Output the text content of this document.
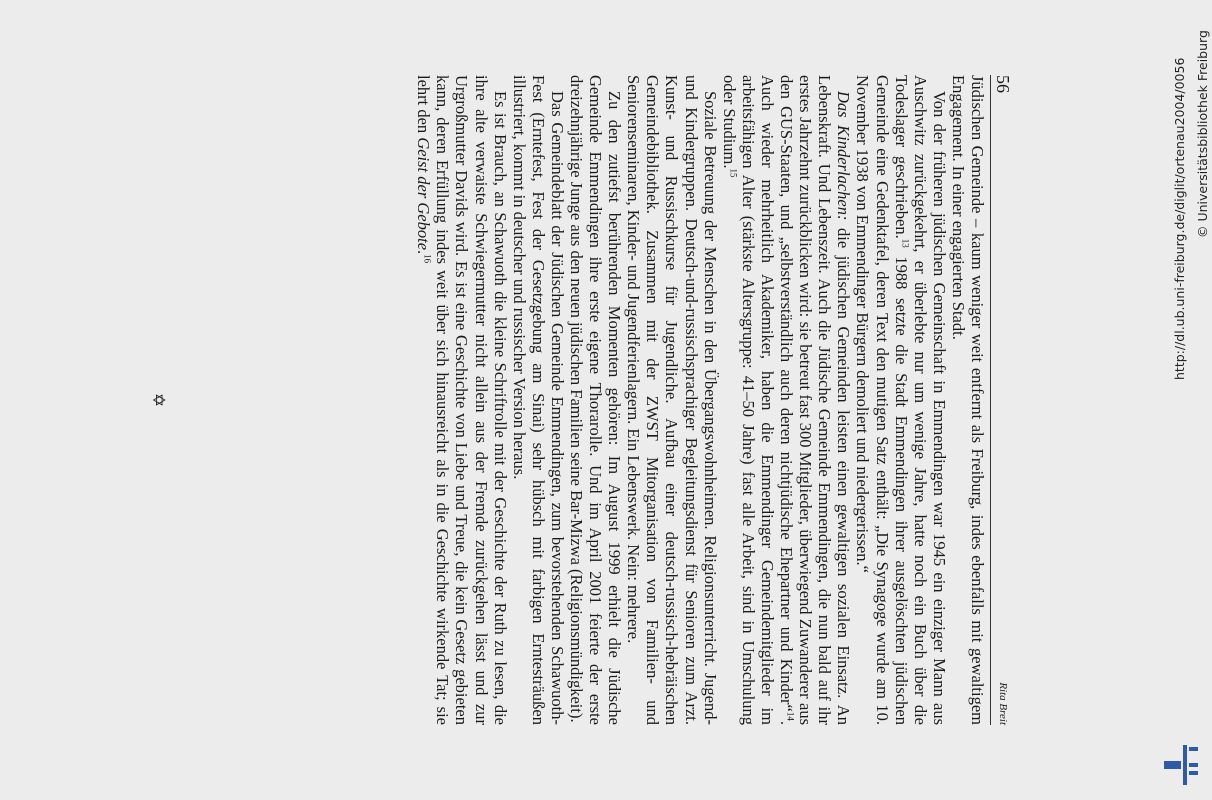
56
Rita Breit

Jüdischen Gemeinde – kaum weniger weit entfernt als Freiburg, indes ebenfalls mit gewaltigem Engagement. In einer engagierten Stadt.

Von der früheren jüdischen Gemeinschaft in Emmendingen war 1945 ein einziger Mann aus Auschwitz zurückgekehrt, er überlebte nur um wenige Jahre, hatte noch ein Buch über die Todeslager geschrieben.$^{13}$ 1988 setzte die Stadt Emmendingen ihrer ausgelöschten jüdischen Gemeinde eine Gedenktafel, deren Text den mutigen Satz enthält: „Die Synagoge wurde am 10. November 1938 von Emmendinger Bürgern demoliert und niedergerissen.“

Das Kinderlachen: die jüdischen Gemeinden leisten einen gewaltigen sozialen Einsatz. An Lebenskraft. Und Lebenszeit. Auch die Jüdische Gemeinde Emmendingen, die nun bald auf ihr erstes Jahrzehnt zurückblicken wird: sie betreut fast 300 Mitglieder, überwiegend Zuwanderer aus den GUS-Staaten, und „selbstverständlich auch deren nichtjüdische Ehepartner und Kinder“$^{14}$. Auch wieder mehrheitlich Akademiker, haben die Emmendinger Gemeindemitglieder im arbeitsfähigen Alter (stärkste Altersgruppe: 41–50 Jahre) fast alle Arbeit, sind in Umschulung oder Studium.$^{15}$

Soziale Betreuung der Menschen in den Übergangswohnheimen. Religionsunterricht. Jugend- und Kindergruppen. Deutsch-und-russischsprachiger Begleitungsdienst für Senioren zum Arzt. Kunst- und Russischkurse für Jugendliche. Aufbau einer deutsch-russisch-hebräischen Gemeindebibliothek. Zusammen mit der ZWST Mitorganisation von Familien- und Seniorenseminaren, Kinder- und Jugendferienlagern. Ein Lebenswerk. Nein: mehrere.

Zu den zutiefst berührenden Momenten gehören: Im August 1999 erhielt die Jüdische Gemeinde Emmendingen ihre erste eigene Thorarolle. Und im April 2001 feierte der erste dreizehnjährige Junge aus den neuen jüdischen Familien seine Bar-Mizwa (Religionsmündigkeit).

Das Gemeindeblatt der Jüdischen Gemeinde Emmendingen, zum bevorstehenden Schawuoth-Fest (Erntefest, Fest der Gesetzgebung am Sinai) sehr hübsch mit farbigen Erntesträußen illustriert, kommt in deutscher und russischer Version heraus.

Es ist Brauch, an Schawuoth die kleine Schriftrolle mit der Geschichte der Ruth zu lesen, die ihre alte verwaiste Schwiegermutter nicht allein aus der Fremde zurückgehen lässt und zur Urgroßmutter Davids wird. Es ist eine Geschichte von Liebe und Treue, die kein Gesetz gebieten kann, deren Erfüllung indes weit über sich hinausreicht als in die Geschichte wirkende Tat; sie lehrt den Geist der Gebote.$^{16}$

✡
http://dl.ub.uni-freiburg.de/diglit/ortenau2004/0056 © Universitätsbibliothek Freiburg
